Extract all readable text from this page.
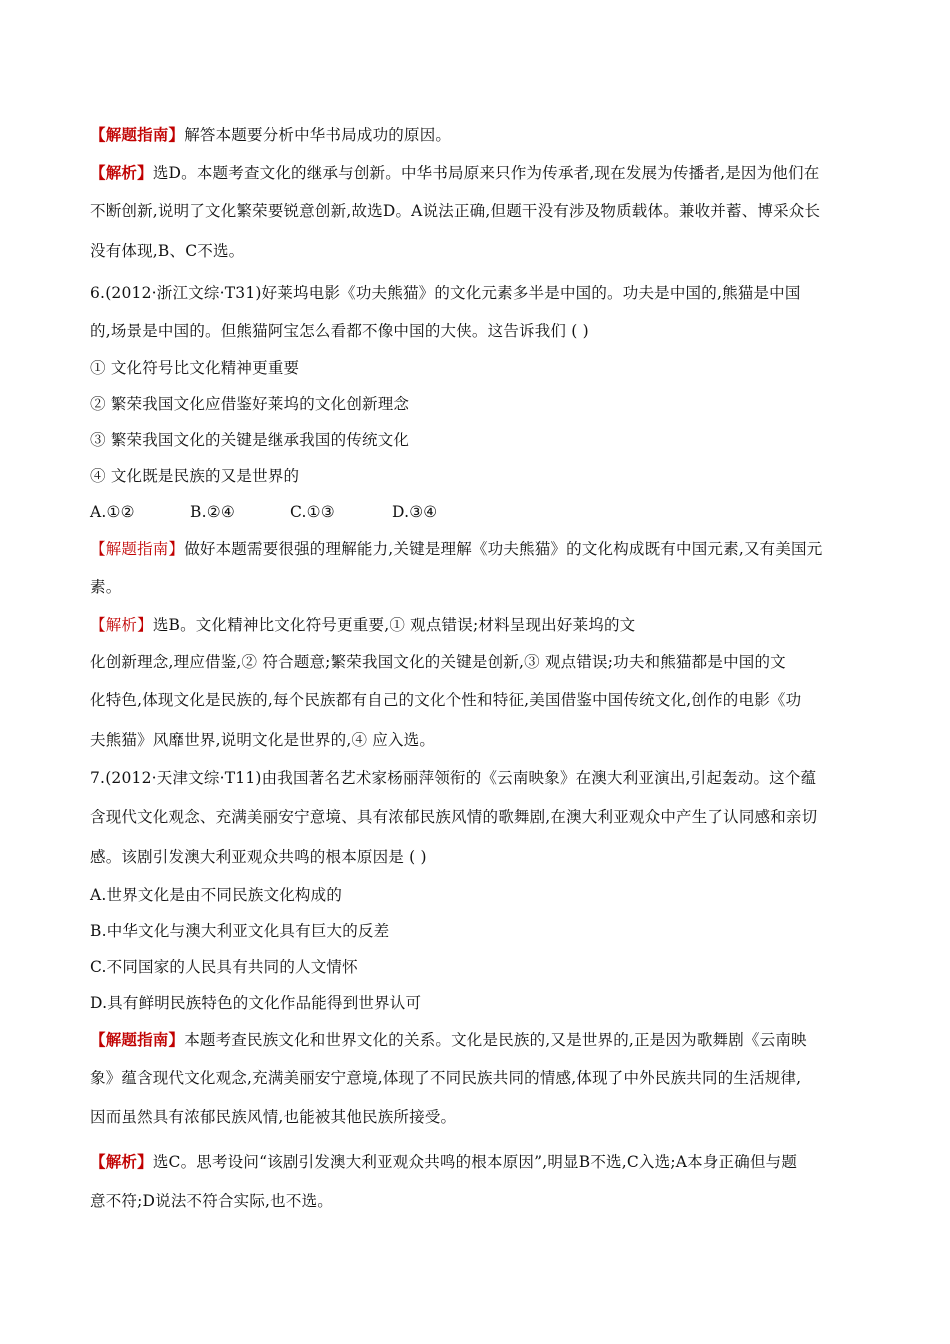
【解题指南】解答本题要分析中华书局成功的原因。
【解析】选D。本题考查文化的继承与创新。中华书局原来只作为传承者,现在发展为传播者,是因为他们在
不断创新,说明了文化繁荣要锐意创新,故选D。A说法正确,但题干没有涉及物质载体。兼收并蓄、博采众长
没有体现,B、C不选。
6.(2012·浙江文综·T31)好莱坞电影《功夫熊猫》的文化元素多半是中国的。功夫是中国的,熊猫是中国
的,场景是中国的。但熊猫阿宝怎么看都不像中国的大侠。这告诉我们 ( )
① 文化符号比文化精神更重要
② 繁荣我国文化应借鉴好莱坞的文化创新理念
③ 繁荣我国文化的关键是继承我国的传统文化
④ 文化既是民族的又是世界的
A.①②	B.②④	C.①③	D.③④
【解题指南】做好本题需要很强的理解能力,关键是理解《功夫熊猫》的文化构成既有中国元素,又有美国元
素。
【解析】选B。文化精神比文化符号更重要,① 观点错误;材料呈现出好莱坞的文
化创新理念,理应借鉴,② 符合题意;繁荣我国文化的关键是创新,③ 观点错误;功夫和熊猫都是中国的文
化特色,体现文化是民族的,每个民族都有自己的文化个性和特征,美国借鉴中国传统文化,创作的电影《功
夫熊猫》风靡世界,说明文化是世界的,④ 应入选。
7.(2012·天津文综·T11)由我国著名艺术家杨丽萍领衔的《云南映象》在澳大利亚演出,引起轰动。这个蕴
含现代文化观念、充满美丽安宁意境、具有浓郁民族风情的歌舞剧,在澳大利亚观众中产生了认同感和亲切
感。该剧引发澳大利亚观众共鸣的根本原因是 ( )
A.世界文化是由不同民族文化构成的
B.中华文化与澳大利亚文化具有巨大的反差
C.不同国家的人民具有共同的人文情怀
D.具有鲜明民族特色的文化作品能得到世界认可
【解题指南】本题考查民族文化和世界文化的关系。文化是民族的,又是世界的,正是因为歌舞剧《云南映
象》蕴含现代文化观念,充满美丽安宁意境,体现了不同民族共同的情感,体现了中外民族共同的生活规律,
因而虽然具有浓郁民族风情,也能被其他民族所接受。
【解析】选C。思考设问“该剧引发澳大利亚观众共鸣的根本原因”,明显B不选,C入选;A本身正确但与题
意不符;D说法不符合实际,也不选。
